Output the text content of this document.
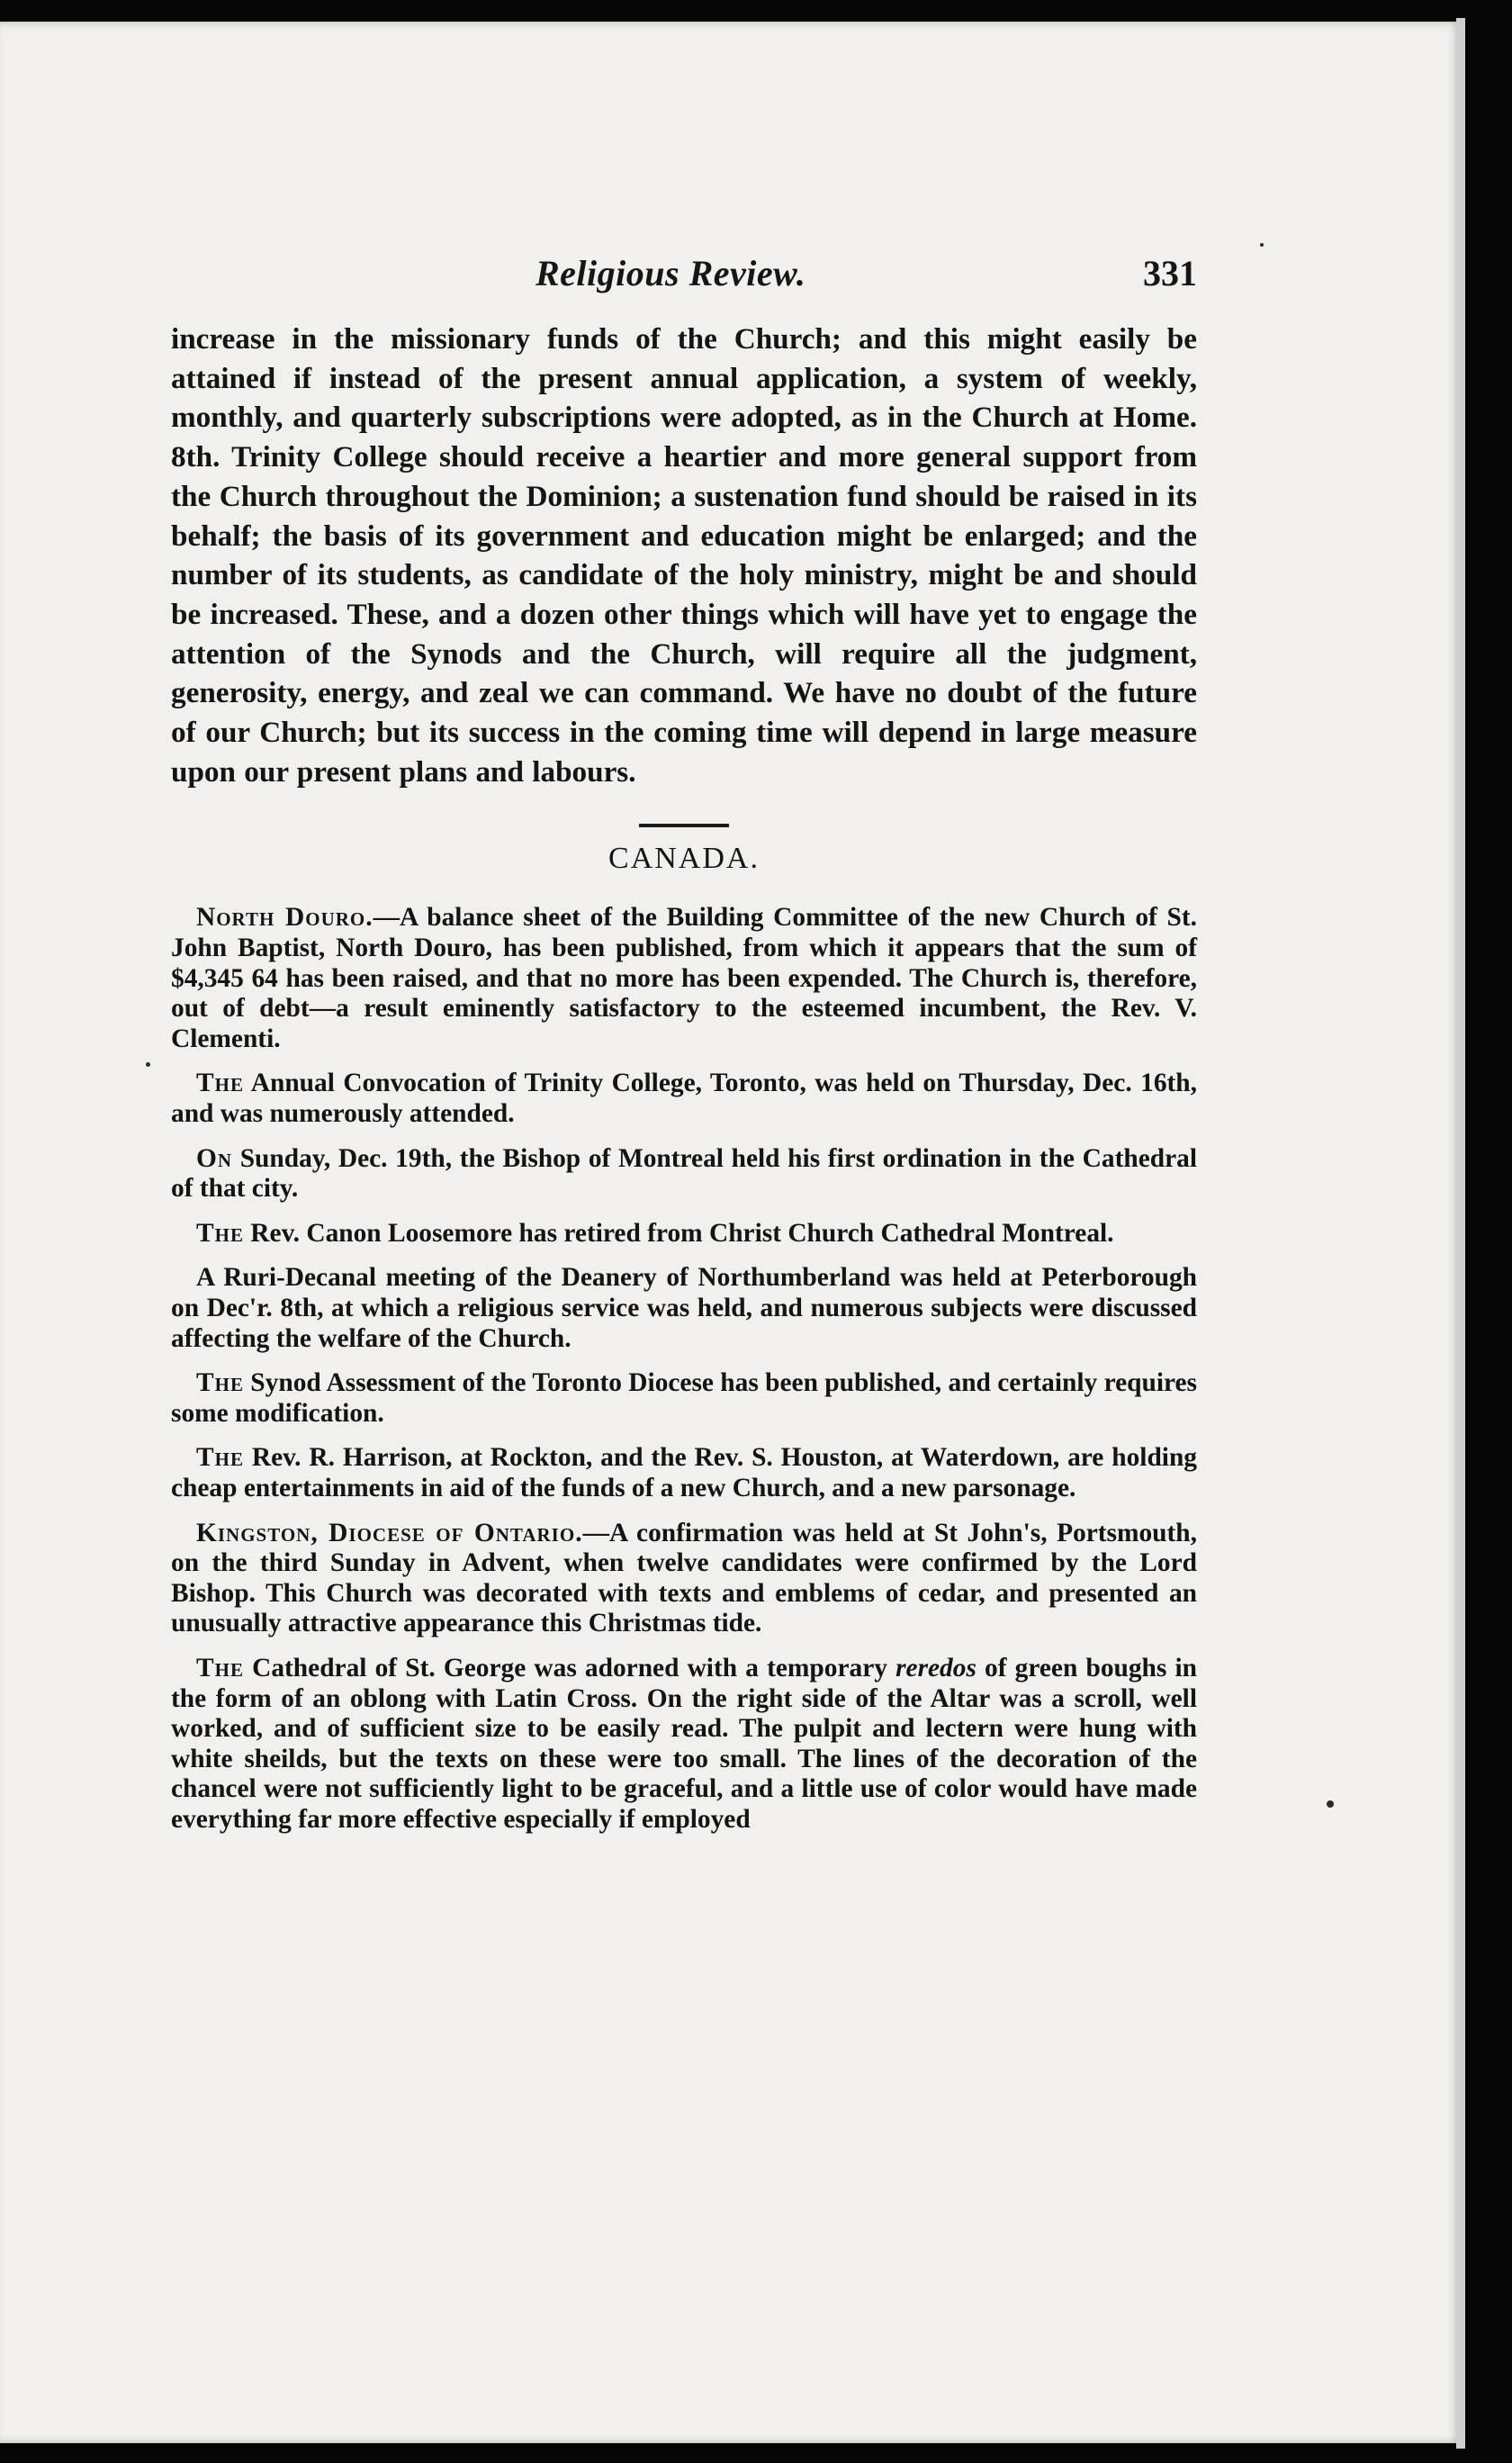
Religious Review.	331

increase in the missionary funds of the Church; and this might easily be attained if instead of the present annual application, a system of weekly, monthly, and quarterly subscriptions were adopted, as in the Church at Home. 8th. Trinity College should receive a heartier and more general support from the Church throughout the Dominion; a sustenation fund should be raised in its behalf; the basis of its government and education might be enlarged; and the number of its students, as candidate of the holy ministry, might be and should be increased. These, and a dozen other things which will have yet to engage the attention of the Synods and the Church, will require all the judgment, generosity, energy, and zeal we can command. We have no doubt of the future of our Church; but its success in the coming time will depend in large measure upon our present plans and labours.

CANADA.

North Douro.—A balance sheet of the Building Committee of the new Church of St. John Baptist, North Douro, has been published, from which it appears that the sum of $4,345 64 has been raised, and that no more has been expended. The Church is, therefore, out of debt—a result eminently satisfactory to the esteemed incumbent, the Rev. V. Clementi.

The Annual Convocation of Trinity College, Toronto, was held on Thursday, Dec. 16th, and was numerously attended.

On Sunday, Dec. 19th, the Bishop of Montreal held his first ordination in the Cathedral of that city.

The Rev. Canon Loosemore has retired from Christ Church Cathedral Montreal.

A Ruri-Decanal meeting of the Deanery of Northumberland was held at Peterborough on Dec'r. 8th, at which a religious service was held, and numerous subjects were discussed affecting the welfare of the Church.

The Synod Assessment of the Toronto Diocese has been published, and certainly requires some modification.

The Rev. R. Harrison, at Rockton, and the Rev. S. Houston, at Waterdown, are holding cheap entertainments in aid of the funds of a new Church, and a new parsonage.

Kingston, Diocese of Ontario.—A confirmation was held at St John's, Portsmouth, on the third Sunday in Advent, when twelve candidates were confirmed by the Lord Bishop. This Church was decorated with texts and emblems of cedar, and presented an unusually attractive appearance this Christmas tide.

The Cathedral of St. George was adorned with a temporary reredos of green boughs in the form of an oblong with Latin Cross. On the right side of the Altar was a scroll, well worked, and of sufficient size to be easily read. The pulpit and lectern were hung with white sheilds, but the texts on these were too small. The lines of the decoration of the chancel were not sufficiently light to be graceful, and a little use of color would have made everything far more effective especially if employed
